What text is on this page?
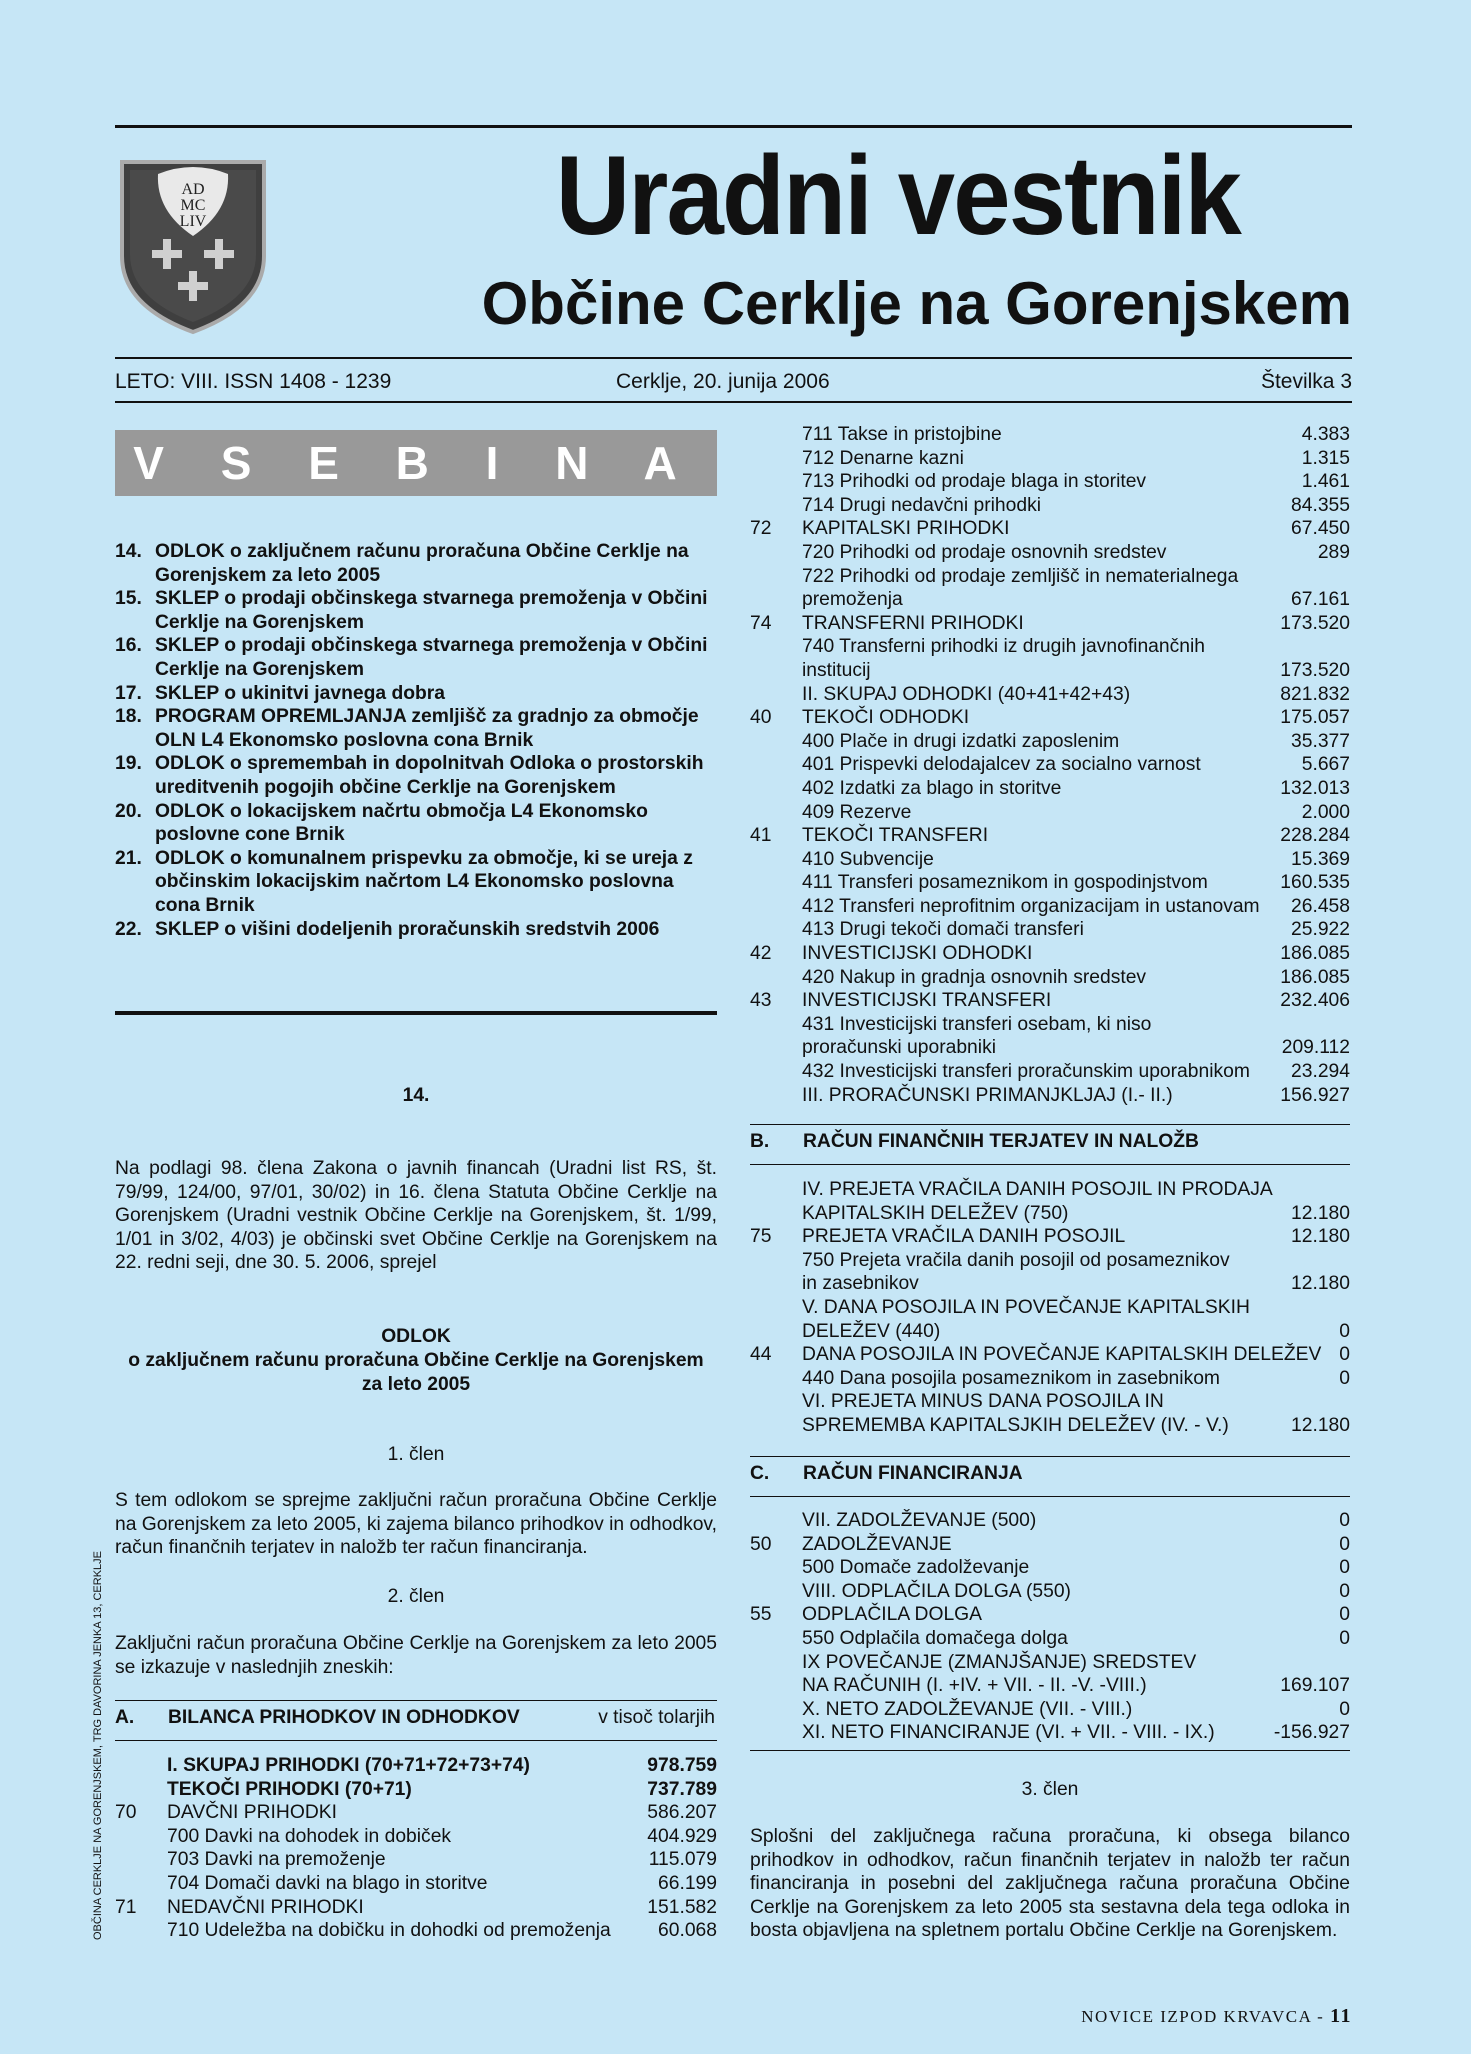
AD
MC
LIV	Uradni vestnik
Občine Cerklje na Gorenjskem
LETO: VIII. ISSN 1408 - 1239	Cerklje, 20. junija 2006	Številka 3
V S E B I N A
14. ODLOK o zaključnem računu proračuna Občine Cerklje na Gorenjskem za leto 2005
15. SKLEP o prodaji občinskega stvarnega premoženja v Občini Cerklje na Gorenjskem
16. SKLEP o prodaji občinskega stvarnega premoženja v Občini Cerklje na Gorenjskem
17. SKLEP o ukinitvi javnega dobra
18. PROGRAM OPREMLJANJA zemljišč za gradnjo za območje OLN L4 Ekonomsko poslovna cona Brnik
19. ODLOK o spremembah in dopolnitvah Odloka o prostorskih ureditvenih pogojih občine Cerklje na Gorenjskem
20. ODLOK o lokacijskem načrtu območja L4 Ekonomsko poslovne cone Brnik
21. ODLOK o komunalnem prispevku za območje, ki se ureja z občinskim lokacijskim načrtom L4 Ekonomsko poslovna cona Brnik
22. SKLEP o višini dodeljenih proračunskih sredstvih 2006
14.
Na podlagi 98. člena Zakona o javnih financah (Uradni list RS, št. 79/99, 124/00, 97/01, 30/02) in 16. člena Statuta Občine Cerklje na Gorenjskem (Uradni vestnik Občine Cerklje na Gorenjskem, št. 1/99, 1/01 in 3/02, 4/03) je občinski svet Občine Cerklje na Gorenjskem na 22. redni seji, dne 30. 5. 2006, sprejel
ODLOK
o zaključnem računu proračuna Občine Cerklje na Gorenjskem
za leto 2005
1. člen
S tem odlokom se sprejme zaključni račun proračuna Občine Cerklje na Gorenjskem za leto 2005, ki zajema bilanco prihodkov in odhodkov, račun finančnih terjatev in naložb ter račun financiranja.
2. člen
Zaključni račun proračuna Občine Cerklje na Gorenjskem za leto 2005 se izkazuje v naslednjih zneskih:
A. BILANCA PRIHODKOV IN ODHODKOV	v tisoč tolarjih
I. SKUPAJ PRIHODKI (70+71+72+73+74)	978.759
TEKOČI PRIHODKI (70+71)	737.789
70	DAVČNI PRIHODKI	586.207
700 Davki na dohodek in dobiček	404.929
703 Davki na premoženje	115.079
704 Domači davki na blago in storitve	66.199
71	NEDAVČNI PRIHODKI	151.582
710 Udeležba na dobičku in dohodki od premoženja	60.068
711 Takse in pristojbine	4.383
712 Denarne kazni	1.315
713 Prihodki od prodaje blaga in storitev	1.461
714 Drugi nedavčni prihodki	84.355
72	KAPITALSKI PRIHODKI	67.450
720 Prihodki od prodaje osnovnih sredstev	289
722 Prihodki od prodaje zemljišč in nematerialnega
premoženja	67.161
74	TRANSFERNI PRIHODKI	173.520
740 Transferni prihodki iz drugih javnofinančnih
institucij	173.520
II. SKUPAJ ODHODKI (40+41+42+43)	821.832
40	TEKOČI ODHODKI	175.057
400 Plače in drugi izdatki zaposlenim	35.377
401 Prispevki delodajalcev za socialno varnost	5.667
402 Izdatki za blago in storitve	132.013
409 Rezerve	2.000
41	TEKOČI TRANSFERI	228.284
410 Subvencije	15.369
411 Transferi posameznikom in gospodinjstvom	160.535
412 Transferi neprofitnim organizacijam in ustanovam	26.458
413 Drugi tekoči domači transferi	25.922
42	INVESTICIJSKI ODHODKI	186.085
420 Nakup in gradnja osnovnih sredstev	186.085
43	INVESTICIJSKI TRANSFERI	232.406
431 Investicijski transferi osebam, ki niso
proračunski uporabniki	209.112
432 Investicijski transferi proračunskim uporabnikom	23.294
III. PRORAČUNSKI PRIMANJKLJAJ (I.- II.)	156.927
B. RAČUN FINANČNIH TERJATEV IN NALOŽB
IV. PREJETA VRAČILA DANIH POSOJIL IN PRODAJA
KAPITALSKIH DELEŽEV (750)	12.180
75	PREJETA VRAČILA DANIH POSOJIL	12.180
750 Prejeta vračila danih posojil od posameznikov
in zasebnikov	12.180
V. DANA POSOJILA IN POVEČANJE KAPITALSKIH
DELEŽEV (440)	0
44	DANA POSOJILA IN POVEČANJE KAPITALSKIH DELEŽEV 0
440 Dana posojila posameznikom in zasebnikom	0
VI. PREJETA MINUS DANA POSOJILA IN
SPREMEMBA KAPITALSJKIH DELEŽEV (IV. - V.)	12.180
C. RAČUN FINANCIRANJA
VII. ZADOLŽEVANJE (500)	0
50	ZADOLŽEVANJE	0
500 Domače zadolževanje	0
VIII. ODPLAČILA DOLGA (550)	0
55	ODPLAČILA DOLGA	0
550 Odplačila domačega dolga	0
IX POVEČANJE (ZMANJŠANJE) SREDSTEV
NA RAČUNIH (I. +IV. + VII. - II. -V. -VIII.)	169.107
X. NETO ZADOLŽEVANJE (VII. - VIII.)	0
XI. NETO FINANCIRANJE (VI. + VII. - VIII. - IX.)	-156.927
3. člen
Splošni del zaključnega računa proračuna, ki obsega bilanco prihodkov in odhodkov, račun finančnih terjatev in naložb ter račun financiranja in posebni del zaključnega računa proračuna Občine Cerklje na Gorenjskem za leto 2005 sta sestavna dela tega odloka in bosta objavljena na spletnem portalu Občine Cerklje na Gorenjskem.
OBČINA CERKLJE NA GORENJSKEM, TRG DAVORINA JENKA 13, CERKLJE
NOVICE IZPOD KRVAVCA - 11
